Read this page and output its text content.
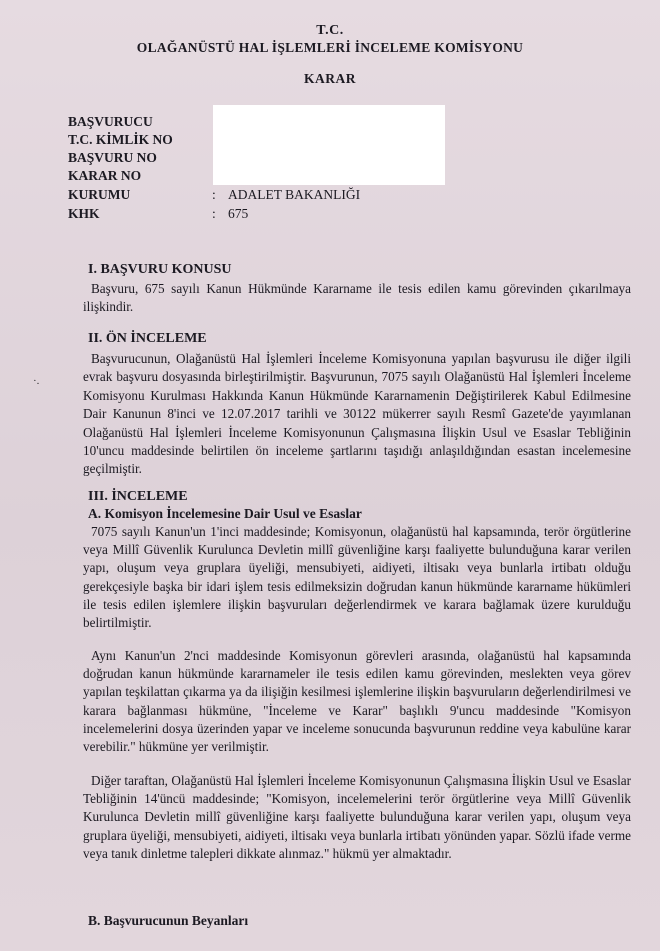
T.C.
OLAĞANÜSTÜ HAL İŞLEMLERİ İNCELEME KOMİSYONU
KARAR
BAŞVURUCU
T.C. KİMLİK NO
BAŞVURU NO
KARAR NO
KURUMU	: ADALET BAKANLIĞI
KHK	: 675
I. BAŞVURU KONUSU
Başvuru, 675 sayılı Kanun Hükmünde Kararname ile tesis edilen kamu görevinden çıkarılmaya ilişkindir.
II. ÖN İNCELEME
Başvurucunun, Olağanüstü Hal İşlemleri İnceleme Komisyonuna yapılan başvurusu ile diğer ilgili evrak başvuru dosyasında birleştirilmiştir. Başvurunun, 7075 sayılı Olağanüstü Hal İşlemleri İnceleme Komisyonu Kurulması Hakkında Kanun Hükmünde Kararnamenin Değiştirilerek Kabul Edilmesine Dair Kanunun 8'inci ve 12.07.2017 tarihli ve 30122 mükerrer sayılı Resmî Gazete'de yayımlanan Olağanüstü Hal İşlemleri İnceleme Komisyonunun Çalışmasına İlişkin Usul ve Esaslar Tebliğinin 10'uncu maddesinde belirtilen ön inceleme şartlarını taşıdığı anlaşıldığından esastan incelemesine geçilmiştir.
·.
III. İNCELEME
A. Komisyon İncelemesine Dair Usul ve Esaslar
7075 sayılı Kanun'un 1'inci maddesinde; Komisyonun, olağanüstü hal kapsamında, terör örgütlerine veya Millî Güvenlik Kurulunca Devletin millî güvenliğine karşı faaliyette bulunduğuna karar verilen yapı, oluşum veya gruplara üyeliği, mensubiyeti, aidiyeti, iltisakı veya bunlarla irtibatı olduğu gerekçesiyle başka bir idari işlem tesis edilmeksizin doğrudan kanun hükmünde kararname hükümleri ile tesis edilen işlemlere ilişkin başvuruları değerlendirmek ve karara bağlamak üzere kurulduğu belirtilmiştir.
Aynı Kanun'un 2'nci maddesinde Komisyonun görevleri arasında, olağanüstü hal kapsamında doğrudan kanun hükmünde kararnameler ile tesis edilen kamu görevinden, meslekten veya görev yapılan teşkilattan çıkarma ya da ilişiğin kesilmesi işlemlerine ilişkin başvuruların değerlendirilmesi ve karara bağlanması hükmüne, "İnceleme ve Karar" başlıklı 9'uncu maddesinde "Komisyon incelemelerini dosya üzerinden yapar ve inceleme sonucunda başvurunun reddine veya kabulüne karar verebilir." hükmüne yer verilmiştir.
Diğer taraftan, Olağanüstü Hal İşlemleri İnceleme Komisyonunun Çalışmasına İlişkin Usul ve Esaslar Tebliğinin 14'üncü maddesinde; "Komisyon, incelemelerini terör örgütlerine veya Millî Güvenlik Kurulunca Devletin millî güvenliğine karşı faaliyette bulunduğuna karar verilen yapı, oluşum veya gruplara üyeliği, mensubiyeti, aidiyeti, iltisakı veya bunlarla irtibatı yönünden yapar. Sözlü ifade verme veya tanık dinletme talepleri dikkate alınmaz." hükmü yer almaktadır.
B. Başvurucunun Beyanları
